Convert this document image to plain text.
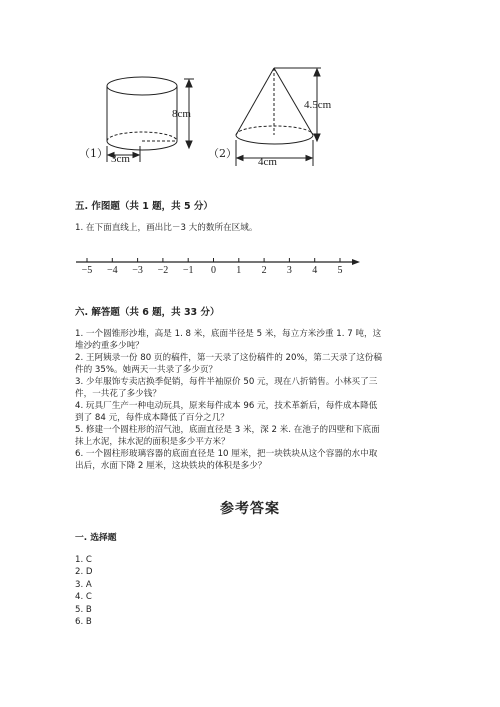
（1）
8cm
3cm	（2）
4.5cm
4cm
五. 作图题（共 1 题，共 5 分）
1. 在下面直线上，画出比－3 大的数所在区域。
−5	−4	−3	−2	−1	0	1	2	3	4	5
六. 解答题（共 6 题，共 33 分）
1. 一个圆锥形沙堆，高是 1. 8 米，底面半径是 5 米，每立方米沙重 1. 7 吨，这
堆沙约重多少吨？
2. 王阿姨录一份 80 页的稿件，第一天录了这份稿件的 20%，第二天录了这份稿
件的 35%。她两天一共录了多少页？
3. 少年服饰专卖店换季促销，每件半袖原价 50 元，现在八折销售。小林买了三
件，一共花了多少钱？
4. 玩具厂生产一种电动玩具，原来每件成本 96 元，技术革新后，每件成本降低
到了 84 元，每件成本降低了百分之几？
5. 修建一个圆柱形的沼气池，底面直径是 3 米，深 2 米. 在池子的四壁和下底面
抹上水泥，抹水泥的面积是多少平方米？
6. 一个圆柱形玻璃容器的底面直径是 10 厘米，把一块铁块从这个容器的水中取
出后，水面下降 2 厘米，这块铁块的体积是多少？
参考答案
一. 选择题
1. C
2. D
3. A
4. C
5. B
6. B
